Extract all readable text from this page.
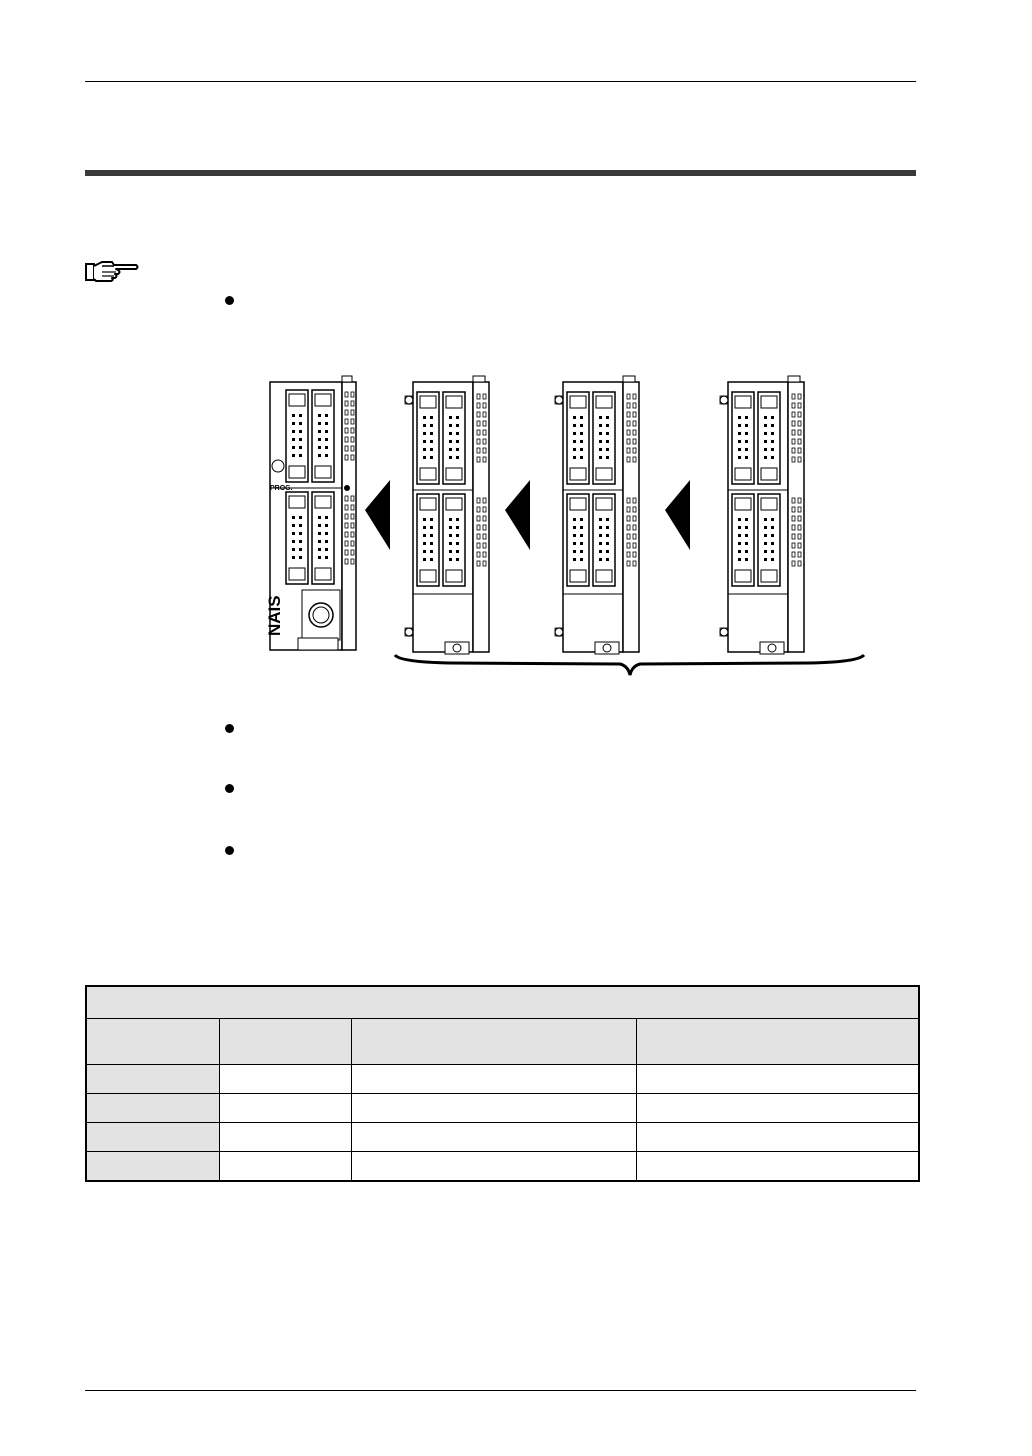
PROG.
NAIS
